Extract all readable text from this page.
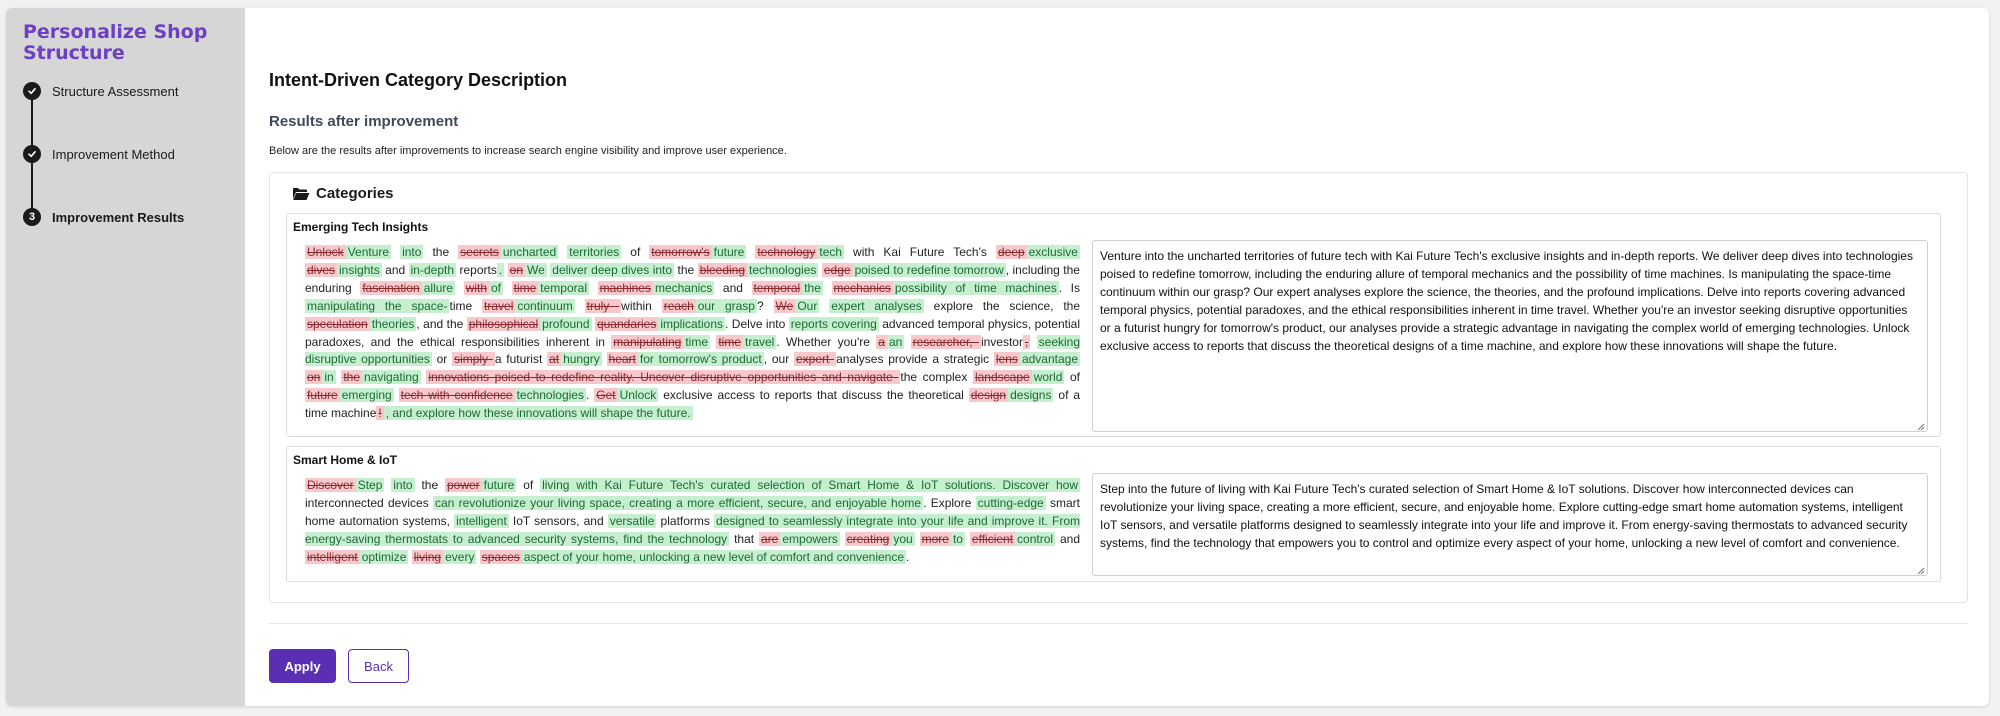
Personalize Shop Structure
Structure Assessment
Improvement Method
3	Improvement Results
Intent-Driven Category Description
Results after improvement

Below are the results after improvements to increase search engine visibility and improve user experience.

Categories
Emerging Tech Insights
Unlock Venture into the secrets uncharted territories of tomorrow's future technology tech with Kai Future Tech's deep exclusive dives insights and in-depth reports . on We deliver deep dives into the bleeding technologies edge poised to redefine tomorrow , including the enduring fascination allure with of time temporal machines mechanics and temporal the mechanics possibility of time machines . Is manipulating the space- time travel continuum truly within reach our grasp ? We Our expert analyses explore the science, the speculation theories , and the philosophical profound quandaries implications . Delve into reports covering advanced temporal physics, potential paradoxes, and the ethical responsibilities inherent in manipulating time time travel . Whether you're a an researcher, investor , seeking disruptive opportunities or simply a futurist at hungry heart for tomorrow's product , our expert analyses provide a strategic lens advantage on in the navigating innovations poised to redefine reality. Uncover disruptive opportunities and navigate the complex landscape world of future emerging tech with confidence technologies . Get Unlock exclusive access to reports that discuss the theoretical design designs of a time machine ! , and explore how these innovations will shape the future.
Venture into the uncharted territories of future tech with Kai Future Tech's exclusive insights and in-depth reports. We deliver deep dives into technologies poised to redefine tomorrow, including the enduring allure of temporal mechanics and the possibility of time machines. Is manipulating the space-time continuum within our grasp? Our expert analyses explore the science, the theories, and the profound implications. Delve into reports covering advanced temporal physics, potential paradoxes, and the ethical responsibilities inherent in time travel. Whether you're an investor seeking disruptive opportunities or a futurist hungry for tomorrow's product, our analyses provide a strategic advantage in navigating the complex world of emerging technologies. Unlock exclusive access to reports that discuss the theoretical designs of a time machine, and explore how these innovations will shape the future.
Smart Home & IoT
Discover Step into the power future of living with Kai Future Tech's curated selection of Smart Home & IoT solutions. Discover how interconnected devices can revolutionize your living space, creating a more efficient, secure, and enjoyable home . Explore cutting-edge smart home automation systems, intelligent IoT sensors, and versatile platforms designed to seamlessly integrate into your life and improve it. From energy-saving thermostats to advanced security systems, find the technology that are empowers creating you more to efficient control and intelligent optimize living every spaces aspect of your home, unlocking a new level of comfort and convenience .
Step into the future of living with Kai Future Tech's curated selection of Smart Home & IoT solutions. Discover how interconnected devices can revolutionize your living space, creating a more efficient, secure, and enjoyable home. Explore cutting-edge smart home automation systems, intelligent IoT sensors, and versatile platforms designed to seamlessly integrate into your life and improve it. From energy-saving thermostats to advanced security systems, find the technology that empowers you to control and optimize every aspect of your home, unlocking a new level of comfort and convenience.
Apply	Back
